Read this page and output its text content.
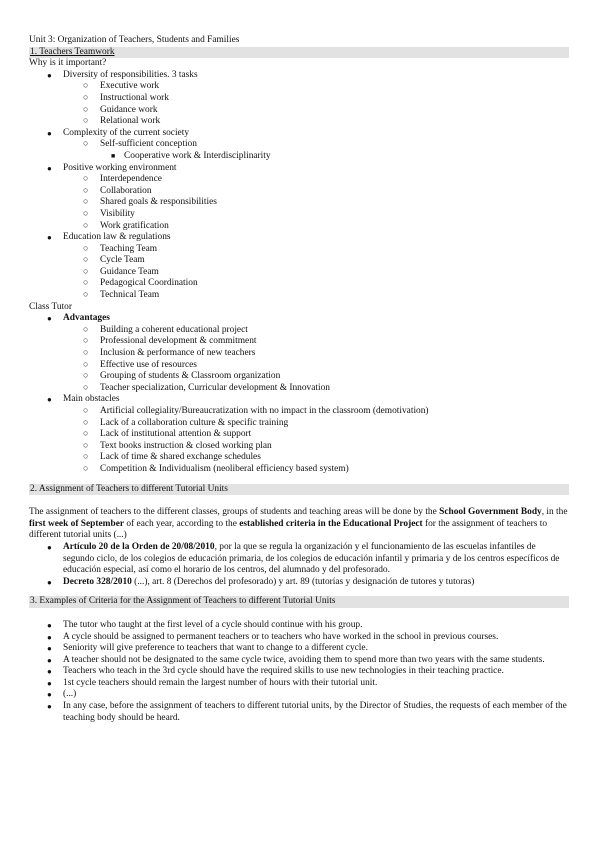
Unit 3: Organization of Teachers, Students and Families

1. Teachers Teamwork

Why is it important?

● Diversity of responsibilities. 3 tasks
○ Executive work
○ Instructional work
○ Guidance work
○ Relational work
● Complexity of the current society
○ Self-sufficient conception
■ Cooperative work & Interdisciplinarity
● Positive working environment
○ Interdependence
○ Collaboration
○ Shared goals & responsibilities
○ Visibility
○ Work gratification
● Education law & regulations
○ Teaching Team
○ Cycle Team
○ Guidance Team
○ Pedagogical Coordination
○ Technical Team

Class Tutor

● Advantages
○ Building a coherent educational project
○ Professional development & commitment
○ Inclusion & performance of new teachers
○ Effective use of resources
○ Grouping of students & Classroom organization
○ Teacher specialization, Curricular development & Innovation
● Main obstacles
○ Artificial collegiality/Bureaucratization with no impact in the classroom (demotivation)
○ Lack of a collaboration culture & specific training
○ Lack of institutional attention & support
○ Text books instruction & closed working plan
○ Lack of time & shared exchange schedules
○ Competition & Individualism (neoliberal efficiency based system)

2. Assignment of Teachers to different Tutorial Units

The assignment of teachers to the different classes, groups of students and teaching areas will be done by the School Government Body, in the first week of September of each year, according to the established criteria in the Educational Project for the assignment of teachers to different tutorial units (...)

● Artículo 20 de la Orden de 20/08/2010, por la que se regula la organización y el funcionamiento de las escuelas infantiles de segundo ciclo, de los colegios de educación primaria, de los colegios de educación infantil y primaria y de los centros específicos de educación especial, así como el horario de los centros, del alumnado y del profesorado.
● Decreto 328/2010 (...), art. 8 (Derechos del profesorado) y art. 89 (tutorías y designación de tutores y tutoras)

3. Examples of Criteria for the Assignment of Teachers to different Tutorial Units

● The tutor who taught at the first level of a cycle should continue with his group.
● A cycle should be assigned to permanent teachers or to teachers who have worked in the school in previous courses.
● Seniority will give preference to teachers that want to change to a different cycle.
● A teacher should not be designated to the same cycle twice, avoiding them to spend more than two years with the same students.
● Teachers who teach in the 3rd cycle should have the required skills to use new technologies in their teaching practice.
● 1st cycle teachers should remain the largest number of hours with their tutorial unit.
● (...)
● In any case, before the assignment of teachers to different tutorial units, by the Director of Studies, the requests of each member of the teaching body should be heard.
